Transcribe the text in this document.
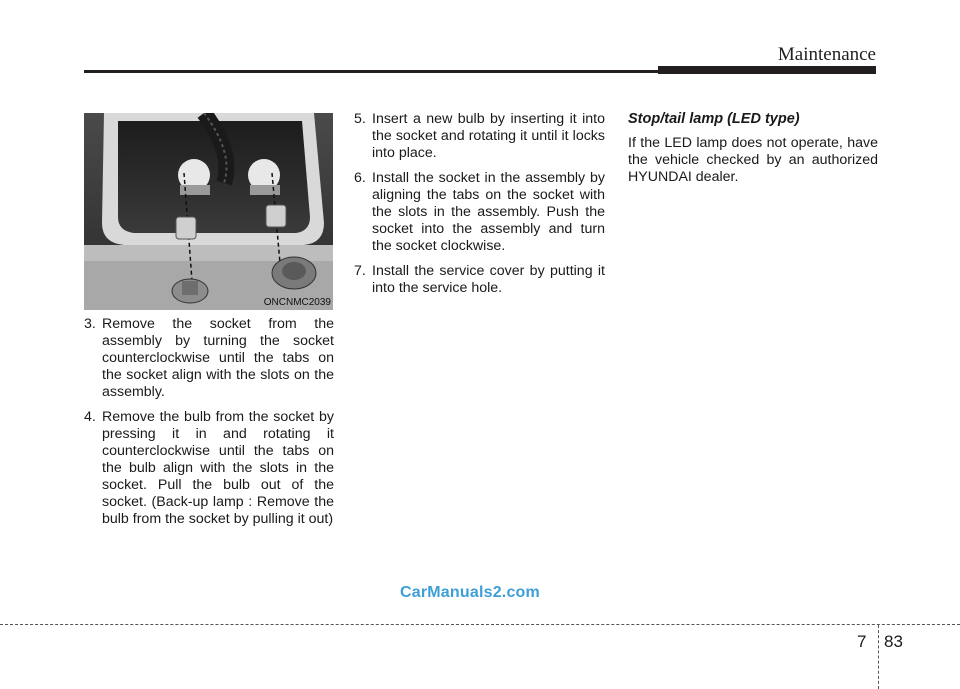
Maintenance
ONCNMC2039
3. Remove the socket from the assembly by turning the socket counterclockwise until the tabs on the socket align with the slots on the assembly.
4. Remove the bulb from the socket by pressing it in and rotating it counterclockwise until the tabs on the bulb align with the slots in the socket. Pull the bulb out of the socket. (Back-up lamp : Remove the bulb from the socket by pulling it out)
5. Insert a new bulb by inserting it into the socket and rotating it until it locks into place.
6. Install the socket in the assembly by aligning the tabs on the socket with the slots in the assembly. Push the socket into the assembly and turn the socket clockwise.
7. Install the service cover by putting it into the service hole.
Stop/tail lamp (LED type)
If the LED lamp does not operate, have the vehicle checked by an authorized HYUNDAI dealer.
CarManuals2.com
7 83
